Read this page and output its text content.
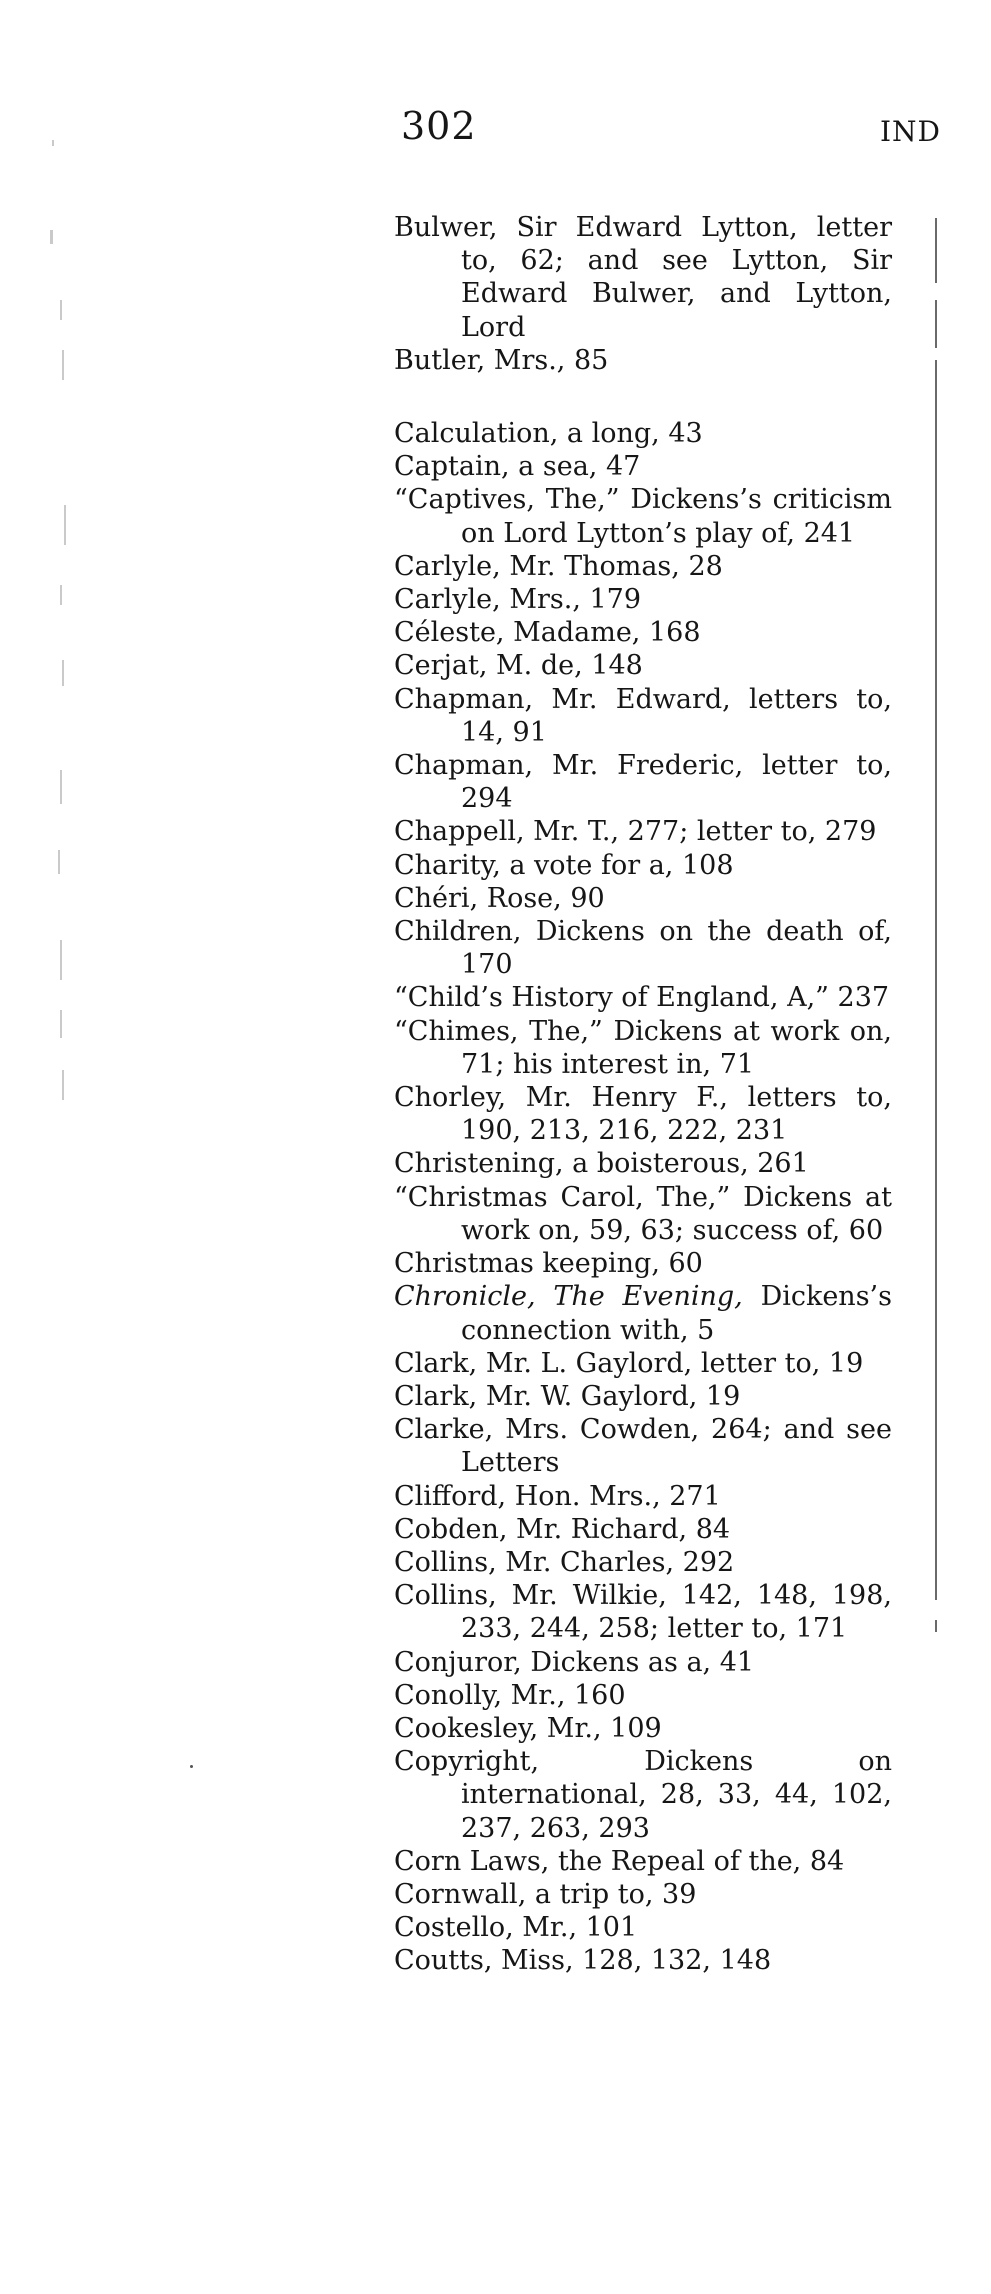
302	IND
Bulwer, Sir Edward Lytton, letter to, 62; and see Lytton, Sir Edward Bulwer, and Lytton, Lord
Butler, Mrs., 85
Calculation, a long, 43
Captain, a sea, 47
“Captives, The,” Dickens’s criticism on Lord Lytton’s play of, 241
Carlyle, Mr. Thomas, 28
Carlyle, Mrs., 179
Céleste, Madame, 168
Cerjat, M. de, 148
Chapman, Mr. Edward, letters to, 14, 91
Chapman, Mr. Frederic, letter to, 294
Chappell, Mr. T., 277; letter to, 279
Charity, a vote for a, 108
Chéri, Rose, 90
Children, Dickens on the death of, 170
“Child’s History of England, A,” 237
“Chimes, The,” Dickens at work on, 71; his interest in, 71
Chorley, Mr. Henry F., letters to, 190, 213, 216, 222, 231
Christening, a boisterous, 261
“Christmas Carol, The,” Dickens at work on, 59, 63; success of, 60
Christmas keeping, 60
Chronicle, The Evening, Dickens’s connection with, 5
Clark, Mr. L. Gaylord, letter to, 19
Clark, Mr. W. Gaylord, 19
Clarke, Mrs. Cowden, 264; and see Letters
Clifford, Hon. Mrs., 271
Cobden, Mr. Richard, 84
Collins, Mr. Charles, 292
Collins, Mr. Wilkie, 142, 148, 198, 233, 244, 258; letter to, 171
Conjuror, Dickens as a, 41
Conolly, Mr., 160
Cookesley, Mr., 109
Copyright, Dickens on international, 28, 33, 44, 102, 237, 263, 293
Corn Laws, the Repeal of the, 84
Cornwall, a trip to, 39
Costello, Mr., 101
Coutts, Miss, 128, 132, 148
